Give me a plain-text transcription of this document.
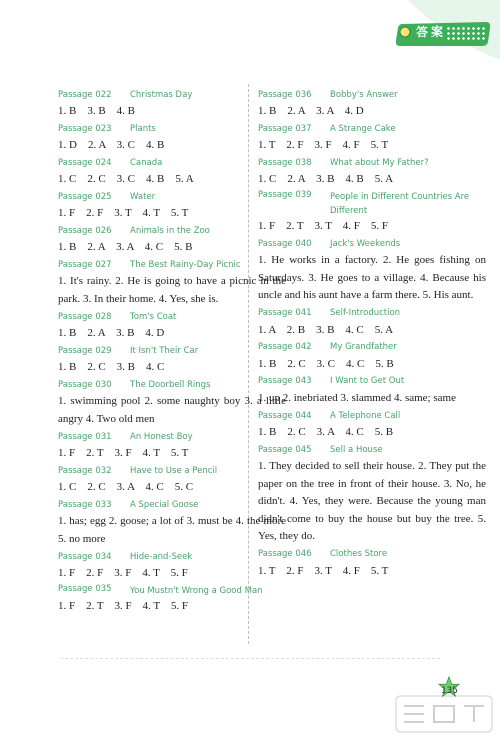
答案
Passage 022	Christmas Day
1. B    3. B    4. B
Passage 023	Plants
1. D    2. A    3. C    4. B
Passage 024	Canada
1. C    2. C    3. C    4. B    5. A
Passage 025	Water
1. F    2. F    3. T    4. T    5. T
Passage 026	Animals in the Zoo
1. B    2. A    3. A    4. C    5. B
Passage 027	The Best Rainy-Day Picnic
1. It's rainy. 2. He is going to have a picnic in the park. 3. In their home. 4. Yes, she is.
Passage 028	Tom's Coat
1. B    2. A    3. B    4. D
Passage 029	It Isn't Their Car
1. B    2. C    3. B    4. C
Passage 030	The Doorbell Rings
1. swimming pool 2. some naughty boy 3. a little angry 4. Two old men
Passage 031	An Honest Boy
1. F    2. T    3. F    4. T    5. T
Passage 032	Have to Use a Pencil
1. C    2. C    3. A    4. C    5. C
Passage 033	A Special Goose
1. has; egg 2. goose; a lot of 3. must be 4. the more 5. no more
Passage 034	Hide-and-Seek
1. F    2. F    3. F    4. T    5. F
Passage 035	You Mustn't Wrong a Good Man
1. F    2. T    3. F    4. T    5. F
Passage 036	Bobby's Answer
1. B    2. A    3. A    4. D
Passage 037	A Strange Cake
1. T    2. F    3. F    4. F    5. T
Passage 038	What about My Father?
1. C    2. A    3. B    4. B    5. A
Passage 039	People in Different Countries Are Different
1. F    2. T    3. T    4. F    5. F
Passage 040	Jack's Weekends
1. He works in a factory. 2. He goes fishing on Saturdays. 3. He goes to a village. 4. Because his uncle and his aunt have a farm there. 5. His aunt.
Passage 041	Self-Introduction
1. A    2. B    3. B    4. C    5. A
Passage 042	My Grandfather
1. B    2. C    3. C    4. C    5. B
Passage 043	I Want to Get Out
1. up 2. inebriated 3. slammed 4. same; same
Passage 044	A Telephone Call
1. B    2. C    3. A    4. C    5. B
Passage 045	Sell a House
1. They decided to sell their house. 2. They put the paper on the tree in front of their house. 3. No, he didn't. 4. Yes, they were. Because the young man didn't come to buy the house but buy the tree. 5. Yes, they do.
Passage 046	Clothes Store
1. T    2. F    3. T    4. F    5. T
135
